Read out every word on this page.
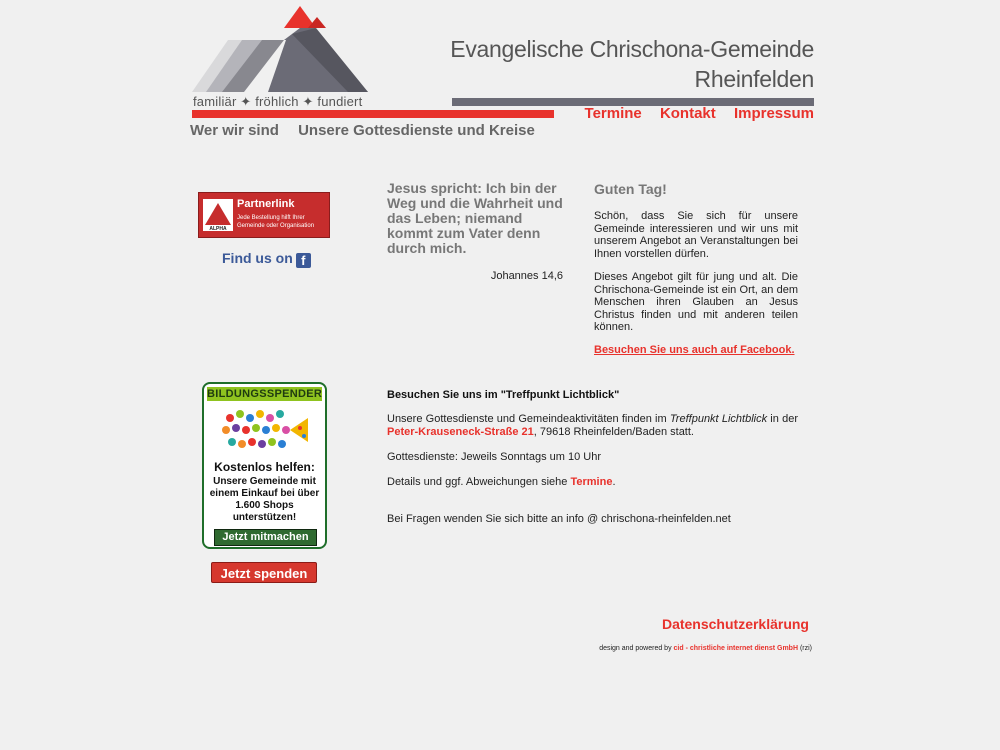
familiär ✦ fröhlich ✦ fundiert
Evangelische Chrischona-Gemeinde
Rheinfelden
Termine Kontakt Impressum
Wer wir sind Unsere Gottesdienste und Kreise
ALPHA
Partnerlink
Jede Bestellung hilft Ihrer Gemeinde oder Organisation
Find us on f
BILDUNGSSPENDER
Kostenlos helfen:
Unsere Gemeinde mit einem Einkauf bei über 1.600 Shops unterstützen!
Jetzt mitmachen
Jetzt spenden
Jesus spricht: Ich bin der Weg und die Wahrheit und das Leben; niemand kommt zum Vater denn durch mich.
Johannes 14,6
Guten Tag!
Schön, dass Sie sich für unsere Gemeinde interessieren und wir uns mit unserem Angebot an Veranstaltungen bei Ihnen vorstellen dürfen.
Dieses Angebot gilt für jung und alt. Die Chrischona-Gemeinde ist ein Ort, an dem Menschen ihren Glauben an Jesus Christus finden und mit anderen teilen können.
Besuchen Sie uns auch auf Facebook.
Besuchen Sie uns im "Treffpunkt Lichtblick"
Unsere Gottesdienste und Gemeindeaktivitäten finden im Treffpunkt Lichtblick in der Peter-Krauseneck-Straße 21, 79618 Rheinfelden/Baden statt.
Gottesdienste: Jeweils Sonntags um 10 Uhr
Details und ggf. Abweichungen siehe Termine.
Bei Fragen wenden Sie sich bitte an info @ chrischona-rheinfelden.net
Datenschutzerklärung
design and powered by cid - christliche internet dienst GmbH (rzi)
